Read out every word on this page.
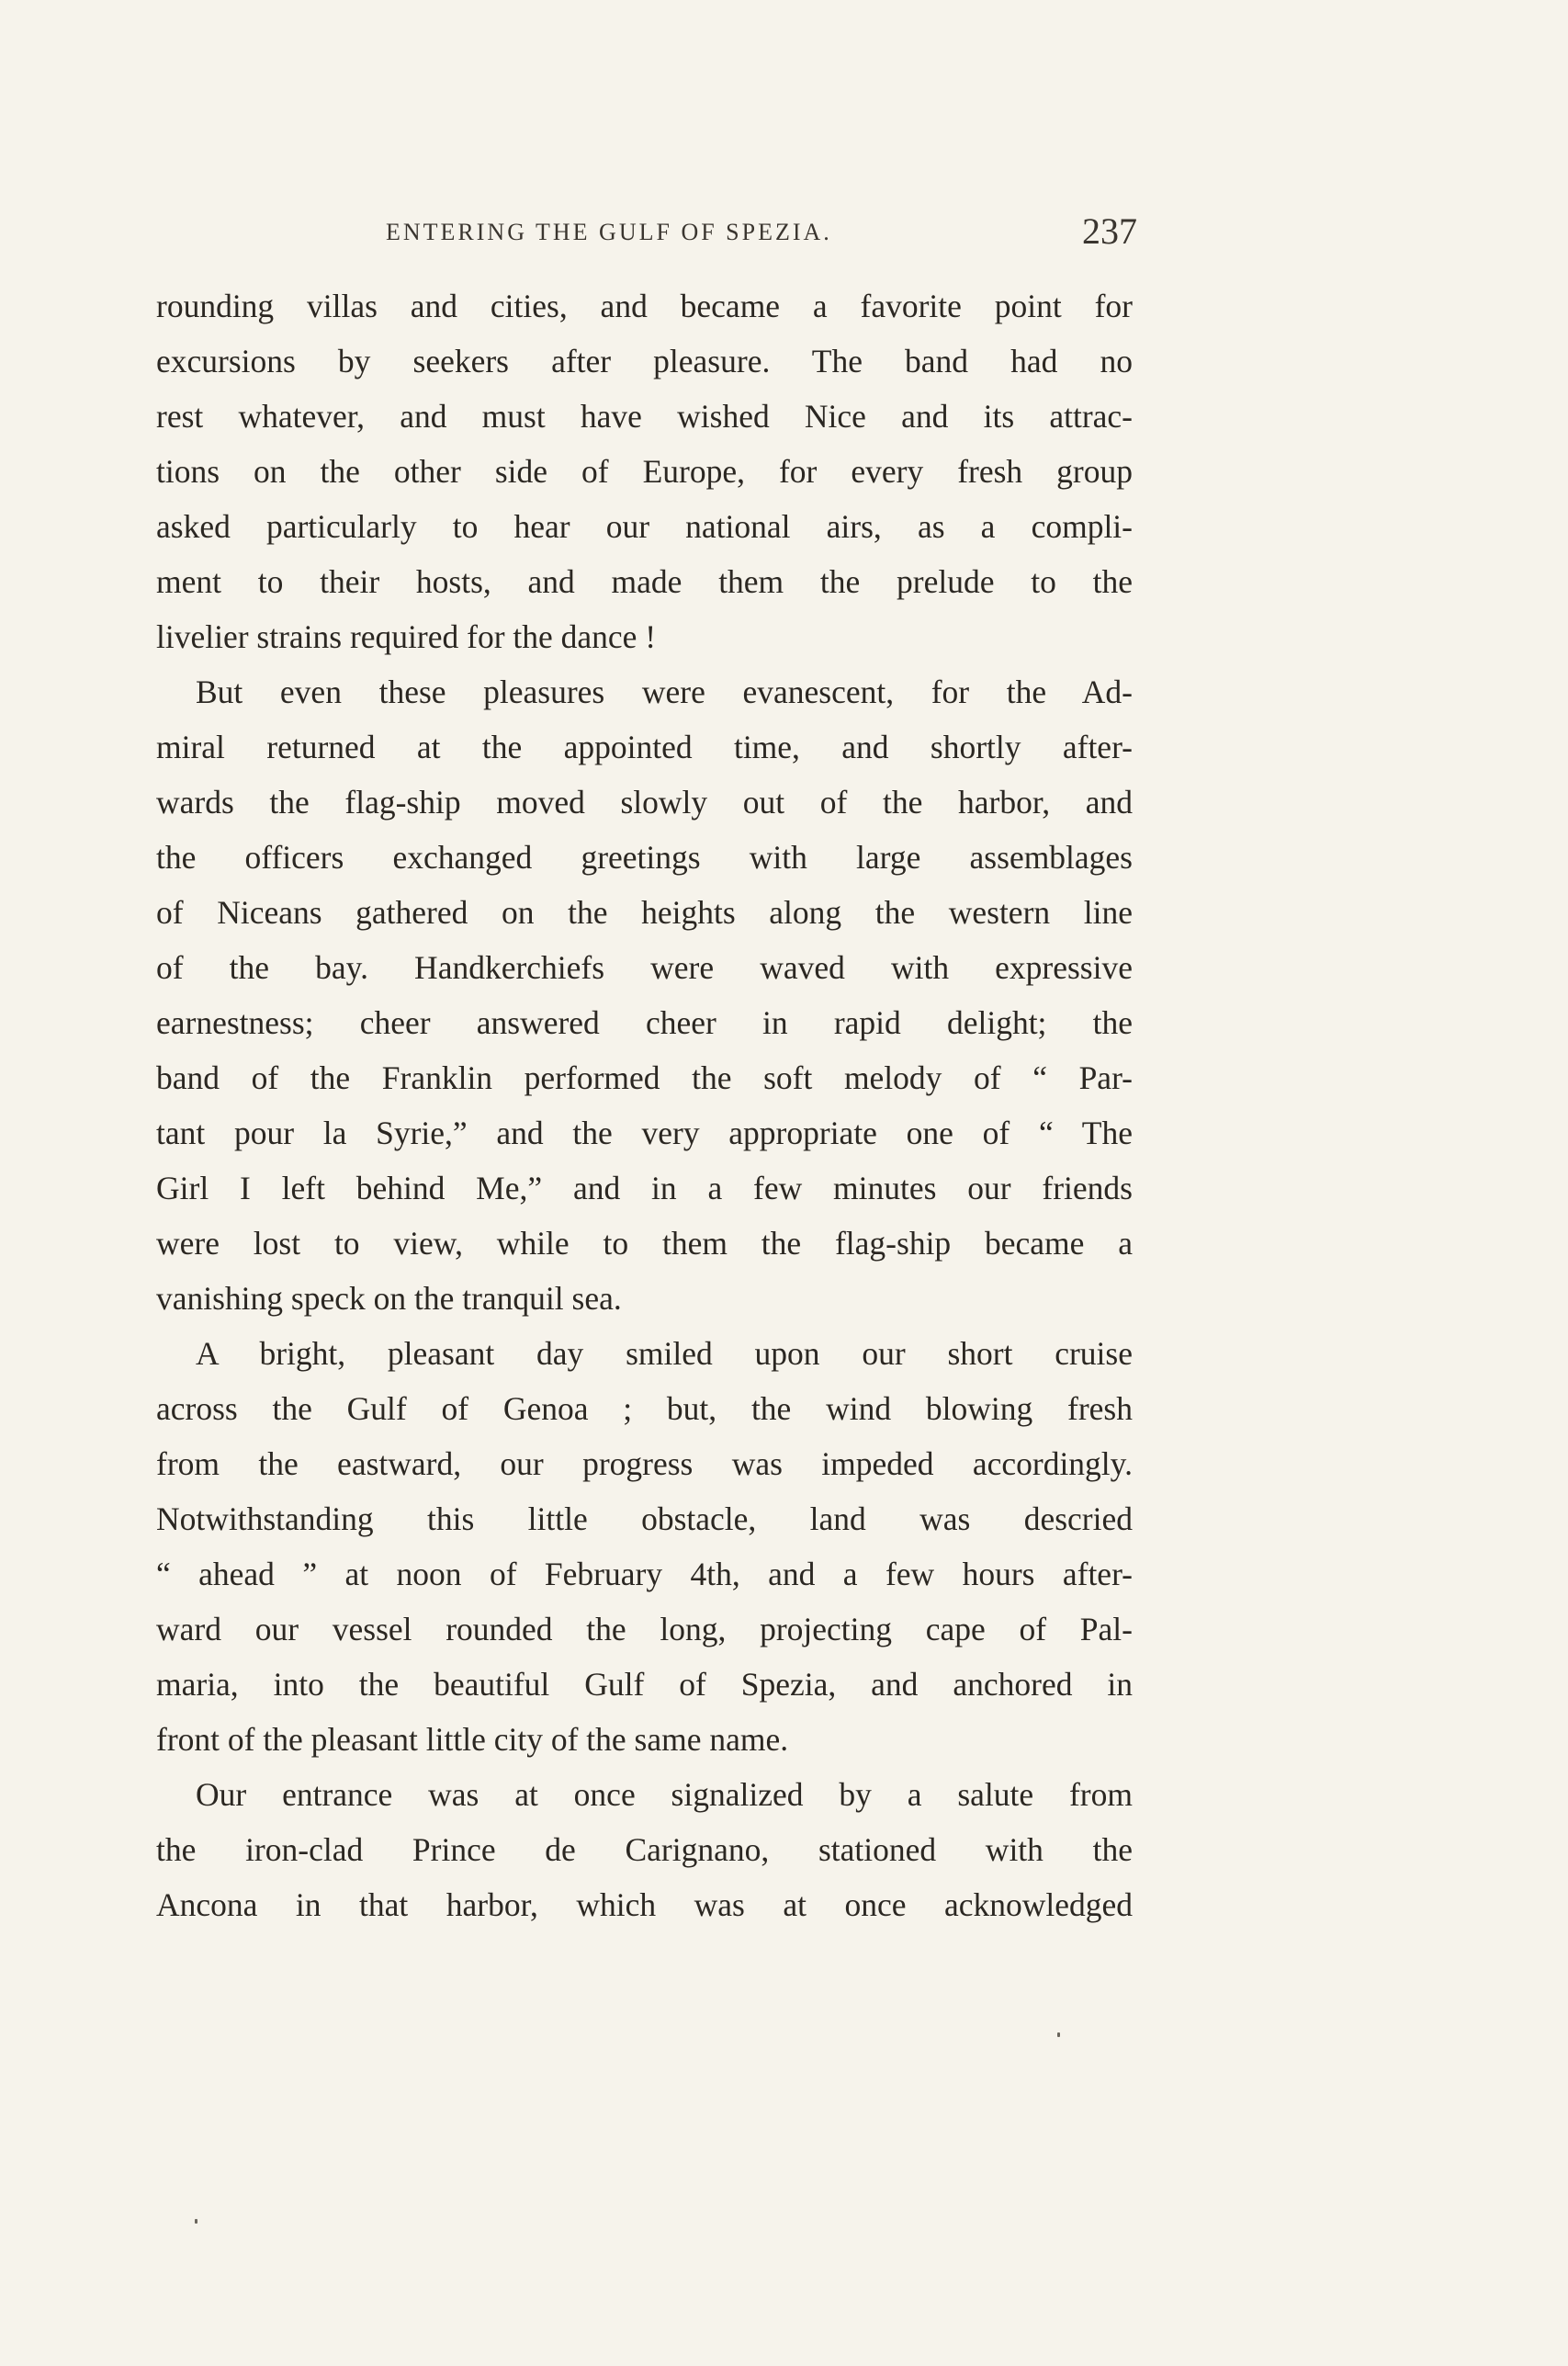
ENTERING THE GULF OF SPEZIA.	237
rounding villas and cities, and became a favorite point for
excursions by seekers after pleasure. The band had no
rest whatever, and must have wished Nice and its attrac-
tions on the other side of Europe, for every fresh group
asked particularly to hear our national airs, as a compli-
ment to their hosts, and made them the prelude to the
livelier strains required for the dance !
But even these pleasures were evanescent, for the Ad-
miral returned at the appointed time, and shortly after-
wards the flag-ship moved slowly out of the harbor, and
the officers exchanged greetings with large assemblages
of Niceans gathered on the heights along the western line
of the bay. Handkerchiefs were waved with expressive
earnestness; cheer answered cheer in rapid delight; the
band of the Franklin performed the soft melody of “ Par-
tant pour la Syrie,” and the very appropriate one of “ The
Girl I left behind Me,” and in a few minutes our friends
were lost to view, while to them the flag-ship became a
vanishing speck on the tranquil sea.
A bright, pleasant day smiled upon our short cruise
across the Gulf of Genoa ; but, the wind blowing fresh
from the eastward, our progress was impeded accordingly.
Notwithstanding this little obstacle, land was descried
“ ahead ” at noon of February 4th, and a few hours after-
ward our vessel rounded the long, projecting cape of Pal-
maria, into the beautiful Gulf of Spezia, and anchored in
front of the pleasant little city of the same name.
Our entrance was at once signalized by a salute from
the iron-clad Prince de Carignano, stationed with the
Ancona in that harbor, which was at once acknowledged
